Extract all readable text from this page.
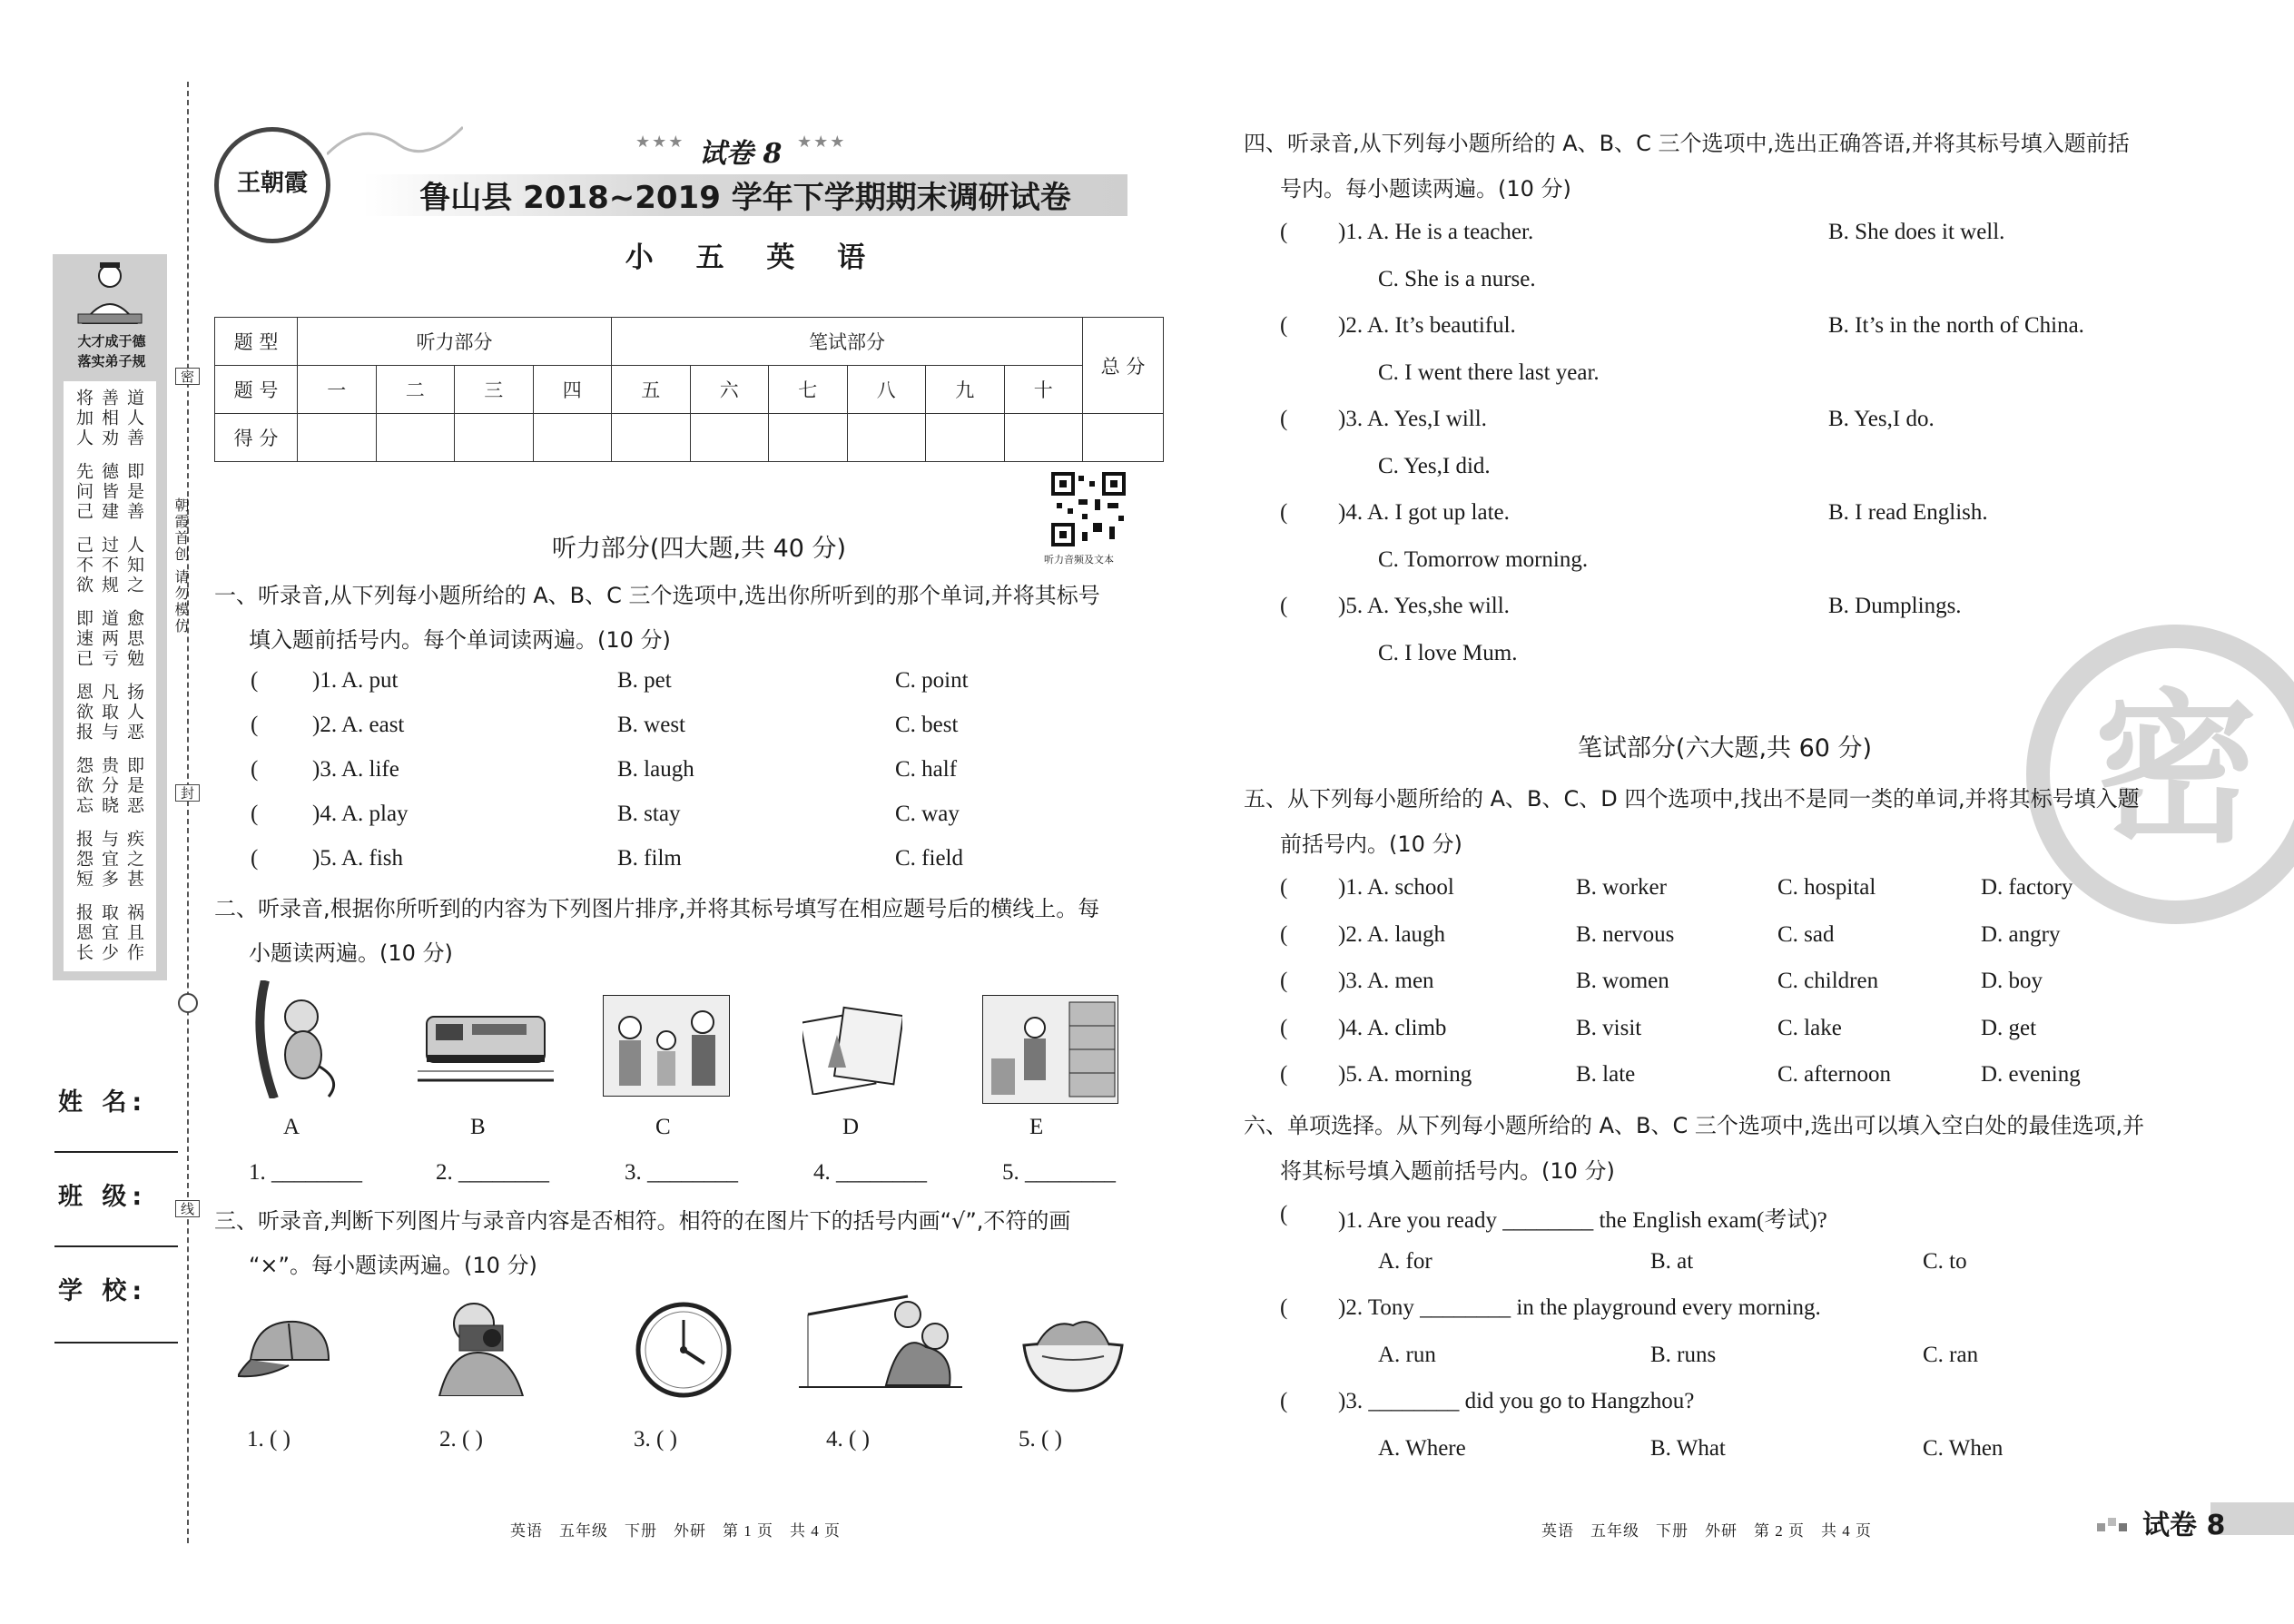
大才成于德
落实弟子规
道人善
善相劝
将加人
即是善
德皆建
先问己
人知之
过不规
己不欲
愈思勉
道两亏
即速已
扬人恶
凡取与
恩欲报
即是恶
贵分晓
怨欲忘
疾之甚
与宜多
报怨短
祸且作
取宜少
报恩长
密
封
线
朝霞首创 请勿模仿
姓 名:
班 级:
学 校:
王朝霞
★★★ 试卷 8 ★★★
鲁山县 2018~2019 学年下学期期末调研试卷
小 五 英 语
题 型	听力部分				笔试部分						总 分
题 号	一	二	三	四	五	六	七	八	九	十	
得 分											
听力音频及文本
听力部分(四大题,共 40 分)
一、听录音,从下列每小题所给的 A、B、C 三个选项中,选出你所听到的那个单词,并将其标号
填入题前括号内。每个单词读两遍。(10 分)
( )1. A. put	B. pet	C. point
( )2. A. east	B. west	C. best
( )3. A. life	B. laugh	C. half
( )4. A. play	B. stay	C. way
( )5. A. fish	B. film	C. field
二、听录音,根据你所听到的内容为下列图片排序,并将其标号填写在相应题号后的横线上。每
小题读两遍。(10 分)
A	B	C	D	E
1. ________	2. ________	3. ________	4. ________	5. ________
三、听录音,判断下列图片与录音内容是否相符。相符的在图片下的括号内画“√”,不符的画
“×”。每小题读两遍。(10 分)
1. ( )	2. ( )	3. ( )	4. ( )	5. ( )
英语　五年级　下册　外研　第 1 页　共 4 页
密
四、听录音,从下列每小题所给的 A、B、C 三个选项中,选出正确答语,并将其标号填入题前括
号内。每小题读两遍。(10 分)
( )1. A. He is a teacher.	B. She does it well.
C. She is a nurse.
( )2. A. It’s beautiful.	B. It’s in the north of China.
C. I went there last year.
( )3. A. Yes,I will.	B. Yes,I do.
C. Yes,I did.
( )4. A. I got up late.	B. I read English.
C. Tomorrow morning.
( )5. A. Yes,she will.	B. Dumplings.
C. I love Mum.
笔试部分(六大题,共 60 分)
五、从下列每小题所给的 A、B、C、D 四个选项中,找出不是同一类的单词,并将其标号填入题
前括号内。(10 分)
( )1. A. school	B. worker	C. hospital	D. factory
( )2. A. laugh	B. nervous	C. sad	D. angry
( )3. A. men	B. women	C. children	D. boy
( )4. A. climb	B. visit	C. lake	D. get
( )5. A. morning	B. late	C. afternoon	D. evening
六、单项选择。从下列每小题所给的 A、B、C 三个选项中,选出可以填入空白处的最佳选项,并
将其标号填入题前括号内。(10 分)
( )1. Are you ready ________ the English exam(考试)?
A. for	B. at	C. to
( )2. Tony ________ in the playground every morning.
A. run	B. runs	C. ran
( )3. ________ did you go to Hangzhou?
A. Where	B. What	C. When
英语　五年级　下册　外研　第 2 页　共 4 页	试卷 8
